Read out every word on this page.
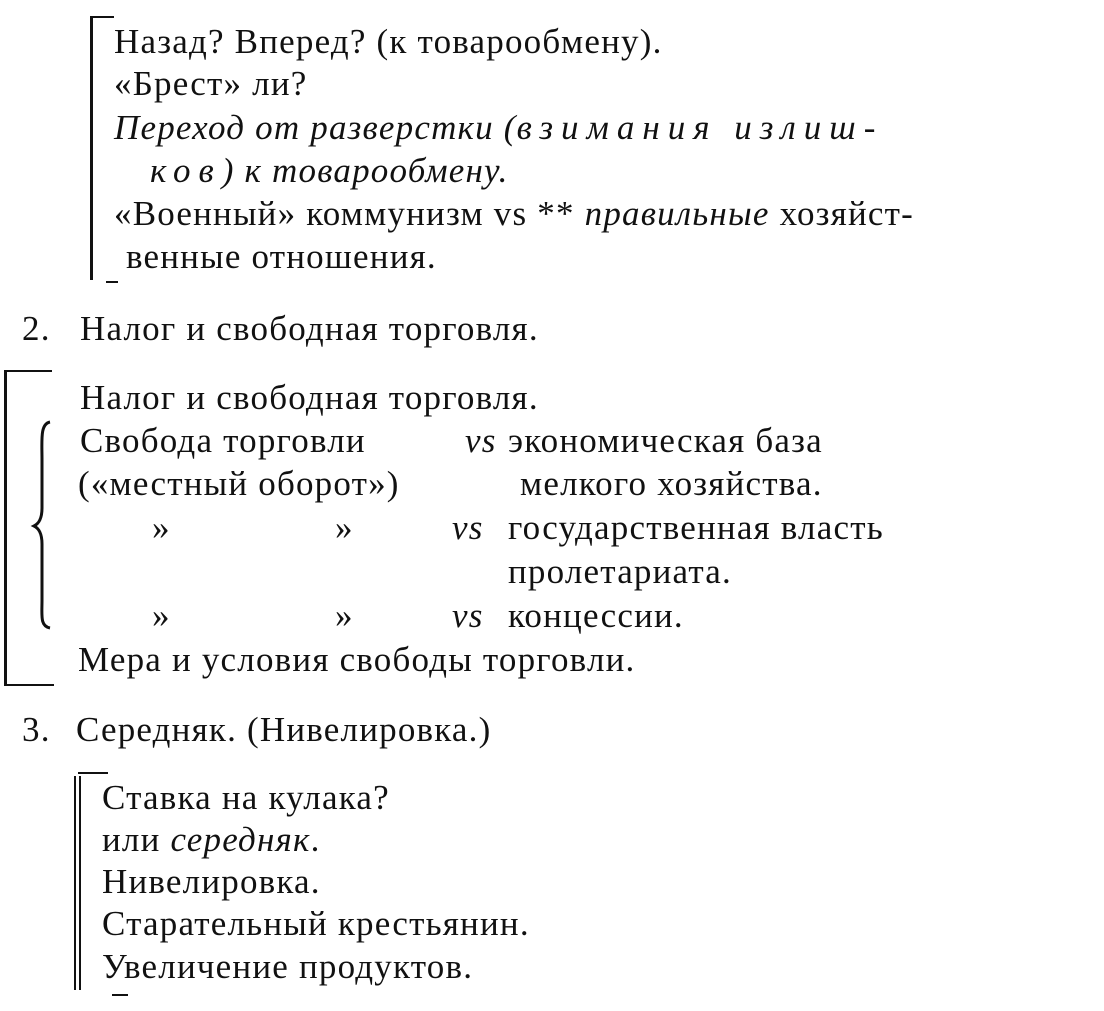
Назад? Вперед? (к товарообмену).
«Брест» ли?
Переход от разверстки (взимания излиш-
ков) к товарообмену.
«Военный» коммунизм vs ** правильные хозяйст-
венные отношения.
2. Налог и свободная торговля.
Налог и свободная торговля.
Свобода торговли	vs экономическая база
(«местный оборот»)	мелкого хозяйства.
»	»	vs государственная власть
пролетариата.
»	»	vs концессии.
Мера и условия свободы торговли.
3. Середняк. (Нивелировка.)
Ставка на кулака?
или середняк.
Нивелировка.
Старательный крестьянин.
Увеличение продуктов.
